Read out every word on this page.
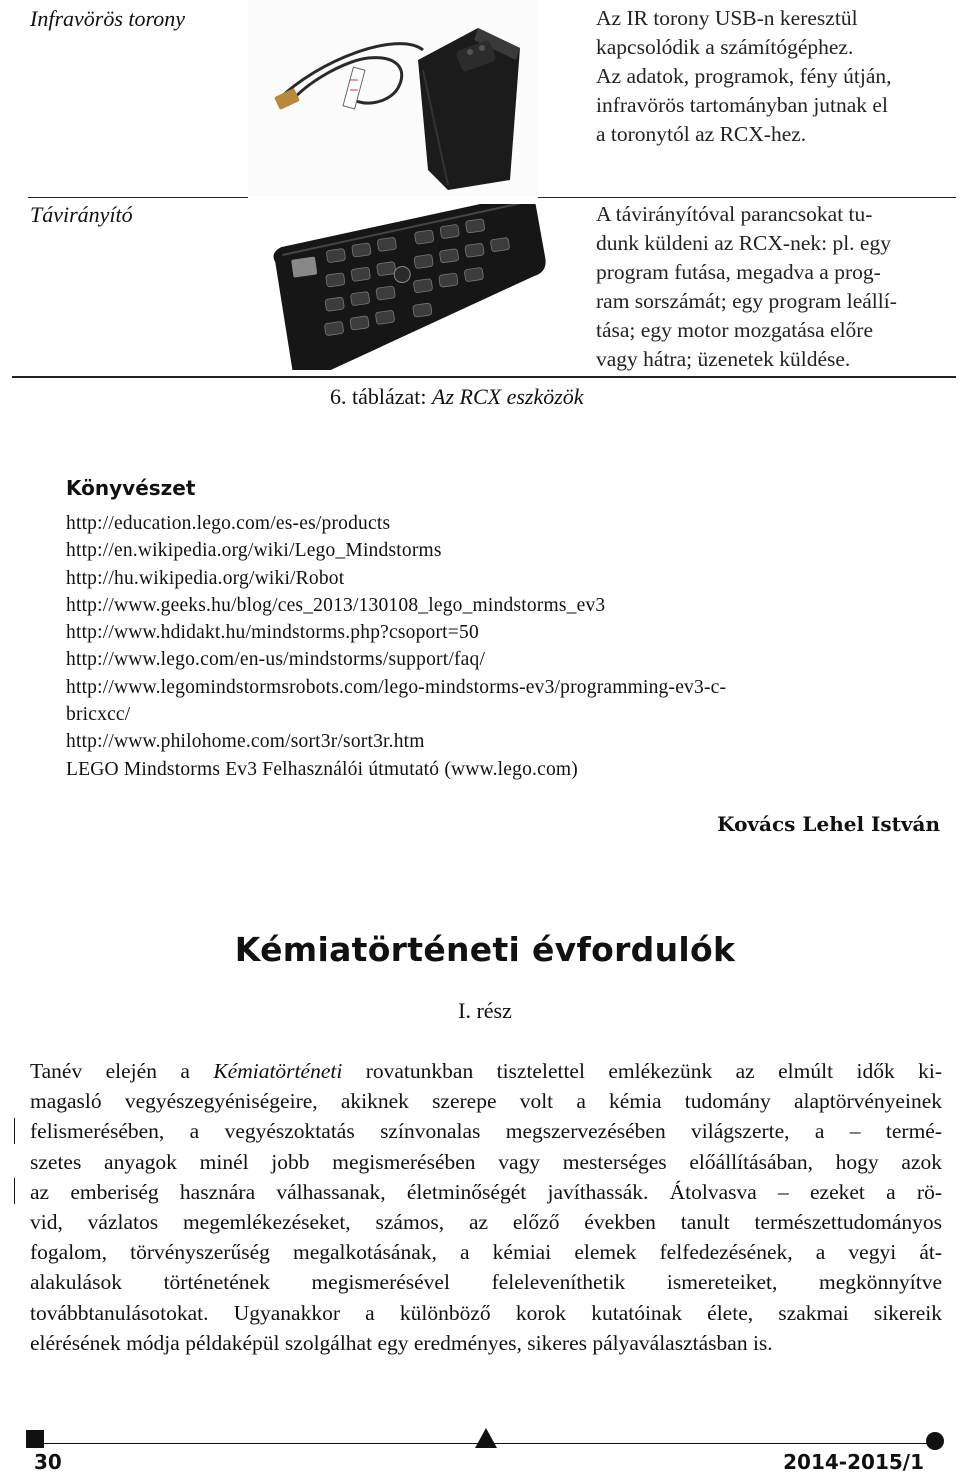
Infravörös torony	Az IR torony USB-n keresztül
kapcsolódik a számítógéphez.
Az adatok, programok, fény útján,
infravörös tartományban jutnak el
a toronytól az RCX-hez.
Távirányító	A távirányítóval parancsokat tu-
dunk küldeni az RCX-nek: pl. egy
program futása, megadva a prog-
ram sorszámát; egy program leállí-
tása; egy motor mozgatása előre
vagy hátra; üzenetek küldése.
6. táblázat: Az RCX eszközök
Könyvészet
http://education.lego.com/es-es/products
http://en.wikipedia.org/wiki/Lego_Mindstorms
http://hu.wikipedia.org/wiki/Robot
http://www.geeks.hu/blog/ces_2013/130108_lego_mindstorms_ev3
http://www.hdidakt.hu/mindstorms.php?csoport=50
http://www.lego.com/en-us/mindstorms/support/faq/
http://www.legomindstormsrobots.com/lego-mindstorms-ev3/programming-ev3-c-
bricxcc/
http://www.philohome.com/sort3r/sort3r.htm
LEGO Mindstorms Ev3 Felhasználói útmutató (www.lego.com)
Kovács Lehel István
Kémiatörténeti évfordulók
I. rész
Tanév elején a Kémiatörténeti rovatunkban tisztelettel emlékezünk az elmúlt idők ki-
magasló vegyészegyéniségeire, akiknek szerepe volt a kémia tudomány alaptörvényeinek
felismerésében, a vegyészoktatás színvonalas megszervezésében világszerte, a – termé-
szetes anyagok minél jobb megismerésében vagy mesterséges előállításában, hogy azok
az emberiség hasznára válhassanak, életminőségét javíthassák. Átolvasva – ezeket a rö-
vid, vázlatos megemlékezéseket, számos, az előző években tanult természettudományos
fogalom, törvényszerűség megalkotásának, a kémiai elemek felfedezésének, a vegyi át-
alakulások történetének megismerésével feleleveníthetik ismereteiket, megkönnyítve
továbbtanulásotokat. Ugyanakkor a különböző korok kutatóinak élete, szakmai sikereik
elérésének módja példaképül szolgálhat egy eredményes, sikeres pályaválasztásban is.
30	2014-2015/1
